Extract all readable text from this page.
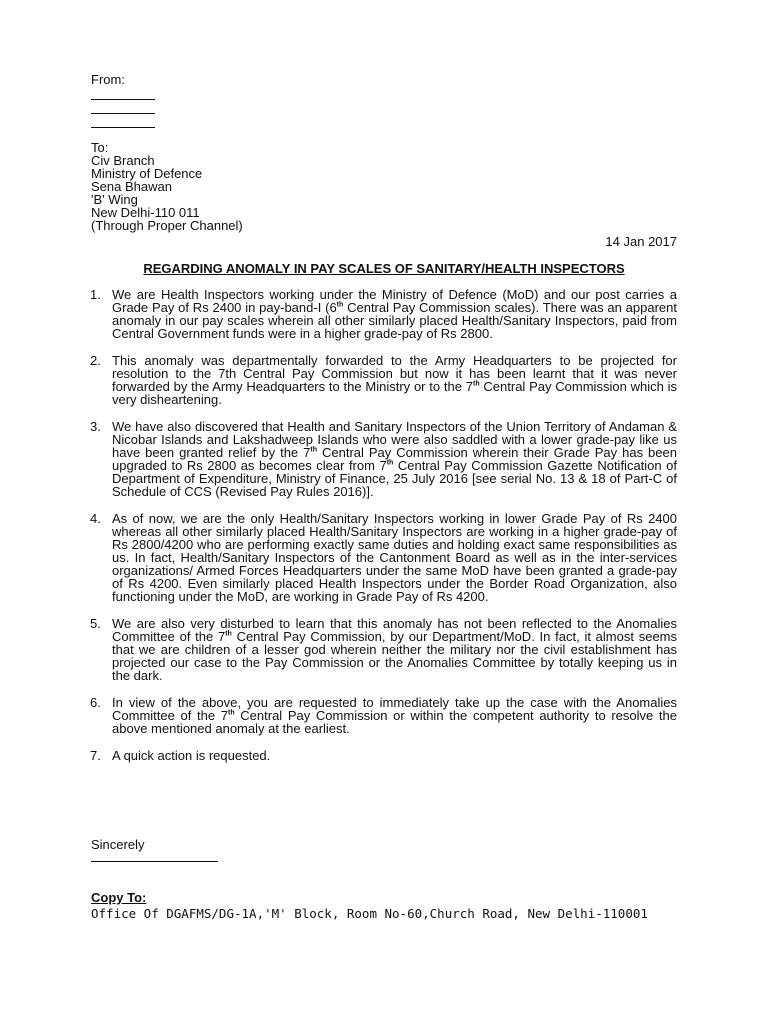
From:
To:
Civ Branch
Ministry of Defence
Sena Bhawan
'B' Wing
New Delhi-110 011
(Through Proper Channel)
14 Jan 2017
REGARDING ANOMALY IN PAY SCALES OF SANITARY/HEALTH INSPECTORS
1. We are Health Inspectors working under the Ministry of Defence (MoD) and our post carries a Grade Pay of Rs 2400 in pay-band-I (6th Central Pay Commission scales). There was an apparent anomaly in our pay scales wherein all other similarly placed Health/Sanitary Inspectors, paid from Central Government funds were in a higher grade-pay of Rs 2800.
2. This anomaly was departmentally forwarded to the Army Headquarters to be projected for resolution to the 7th Central Pay Commission but now it has been learnt that it was never forwarded by the Army Headquarters to the Ministry or to the 7th Central Pay Commission which is very disheartening.
3. We have also discovered that Health and Sanitary Inspectors of the Union Territory of Andaman & Nicobar Islands and Lakshadweep Islands who were also saddled with a lower grade-pay like us have been granted relief by the 7th Central Pay Commission wherein their Grade Pay has been upgraded to Rs 2800 as becomes clear from 7th Central Pay Commission Gazette Notification of Department of Expenditure, Ministry of Finance, 25 July 2016 [see serial No. 13 & 18 of Part-C of Schedule of CCS (Revised Pay Rules 2016)].
4. As of now, we are the only Health/Sanitary Inspectors working in lower Grade Pay of Rs 2400 whereas all other similarly placed Health/Sanitary Inspectors are working in a higher grade-pay of Rs 2800/4200 who are performing exactly same duties and holding exact same responsibilities as us. In fact, Health/Sanitary Inspectors of the Cantonment Board as well as in the inter-services organizations/ Armed Forces Headquarters under the same MoD have been granted a grade-pay of Rs 4200. Even similarly placed Health Inspectors under the Border Road Organization, also functioning under the MoD, are working in Grade Pay of Rs 4200.
5. We are also very disturbed to learn that this anomaly has not been reflected to the Anomalies Committee of the 7th Central Pay Commission, by our Department/MoD. In fact, it almost seems that we are children of a lesser god wherein neither the military nor the civil establishment has projected our case to the Pay Commission or the Anomalies Committee by totally keeping us in the dark.
6. In view of the above, you are requested to immediately take up the case with the Anomalies Committee of the 7th Central Pay Commission or within the competent authority to resolve the above mentioned anomaly at the earliest.
7. A quick action is requested.
Sincerely
Copy To:
Office Of DGAFMS/DG-1A,'M' Block, Room No-60,Church Road, New Delhi-110001
